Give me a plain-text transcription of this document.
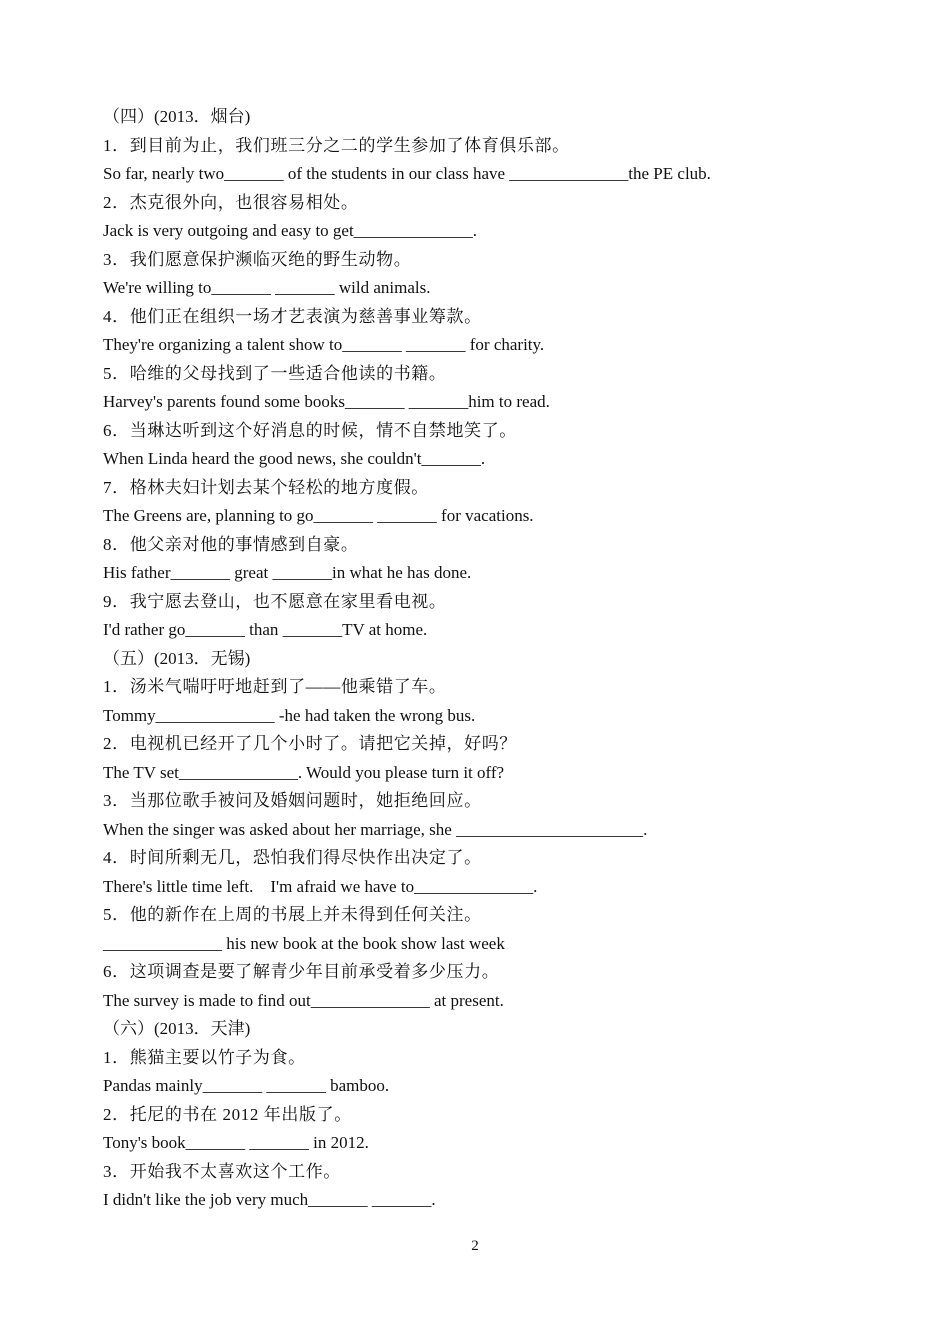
（四）(2013．烟台)
1．到目前为止，我们班三分之二的学生参加了体育俱乐部。
So far, nearly two_______ of the students in our class have ______________the PE club.
2．杰克很外向，也很容易相处。
Jack is very outgoing and easy to get______________.
3．我们愿意保护濒临灭绝的野生动物。
We're willing to_______ _______ wild animals.
4．他们正在组织一场才艺表演为慈善事业筹款。
They're organizing a talent show to_______ _______ for charity.
5．哈维的父母找到了一些适合他读的书籍。
Harvey's parents found some books_______ _______him to read.
6．当琳达听到这个好消息的时候，情不自禁地笑了。
When Linda heard the good news, she couldn't_______.
7．格林夫妇计划去某个轻松的地方度假。
The Greens are, planning to go_______ _______ for vacations.
8．他父亲对他的事情感到自豪。
His father_______ great _______in what he has done.
9．我宁愿去登山，也不愿意在家里看电视。
I'd rather go_______ than _______TV at home.
（五）(2013．无锡)
1．汤米气喘吁吁地赶到了——他乘错了车。
Tommy______________ -he had taken the wrong bus.
2．电视机已经开了几个小时了。请把它关掉，好吗？
The TV set______________. Would you please turn it off?
3．当那位歌手被问及婚姻问题时，她拒绝回应。
When the singer was asked about her marriage, she ______________________.
4．时间所剩无几，恐怕我们得尽快作出决定了。
There's little time left.    I'm afraid we have to______________.
5．他的新作在上周的书展上并未得到任何关注。
______________ his new book at the book show last week
6．这项调查是要了解青少年目前承受着多少压力。
The survey is made to find out______________ at present.
（六）(2013．天津)
1．熊猫主要以竹子为食。
Pandas mainly_______ _______ bamboo.
2．托尼的书在 2012 年出版了。
Tony's book_______ _______ in 2012.
3．开始我不太喜欢这个工作。
I didn't like the job very much_______ _______.
2
